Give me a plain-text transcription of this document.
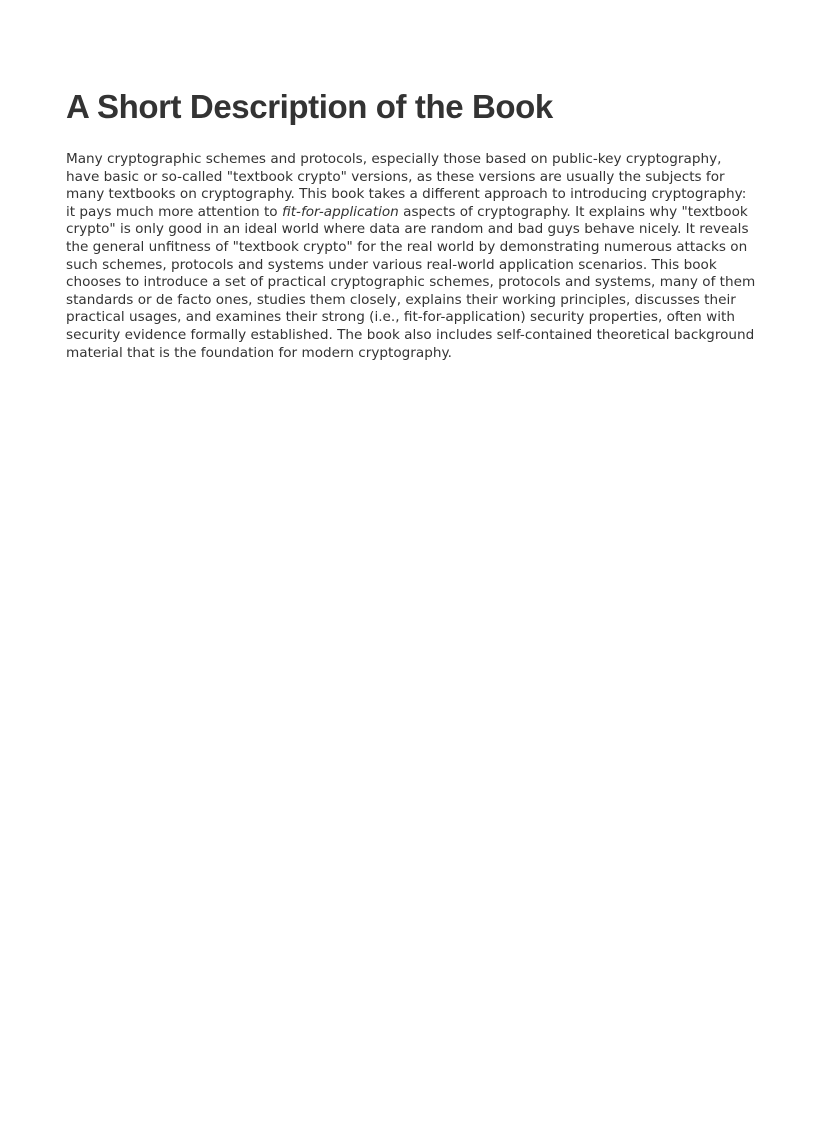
A Short Description of the Book
Many cryptographic schemes and protocols, especially those based on public-key cryptography, have basic or so-called "textbook crypto" versions, as these versions are usually the subjects for many textbooks on cryptography. This book takes a different approach to introducing cryptography: it pays much more attention to fit-for-application aspects of cryptography. It explains why "textbook crypto" is only good in an ideal world where data are random and bad guys behave nicely. It reveals the general unfitness of "textbook crypto" for the real world by demonstrating numerous attacks on such schemes, protocols and systems under various real-world application scenarios. This book chooses to introduce a set of practical cryptographic schemes, protocols and systems, many of them standards or de facto ones, studies them closely, explains their working principles, discusses their practical usages, and examines their strong (i.e., fit-for-application) security properties, often with security evidence formally established. The book also includes self-contained theoretical background material that is the foundation for modern cryptography.
